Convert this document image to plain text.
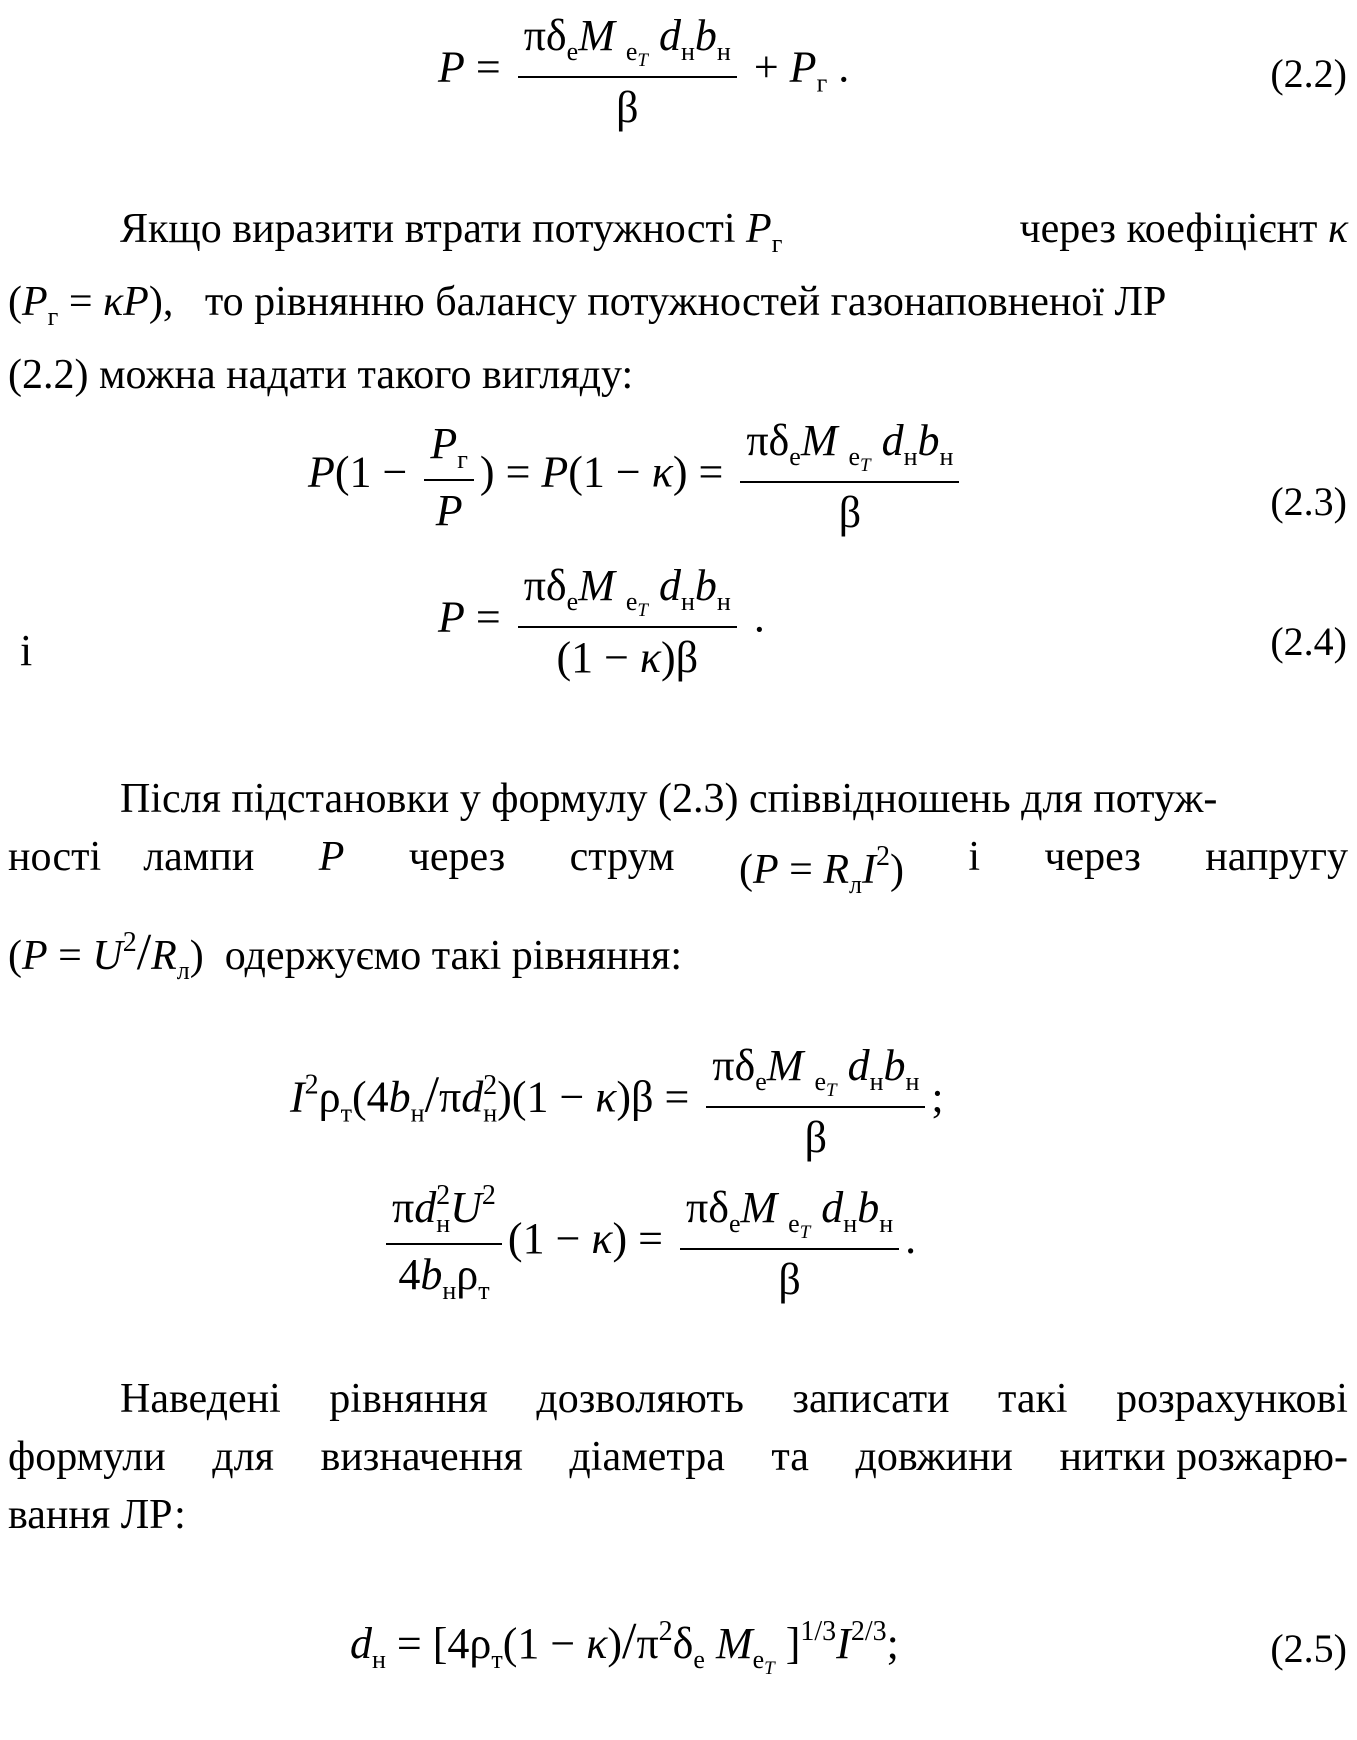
$P = \frac{\pi\delta_eM _{e_T} d_нb_н}{\beta} + P_г$ .	(2.2)
Якщо виразити втрати потужності $P_г$	через коефіцієнт κ
$(P_г = \kappa P)$,   то рівнянню балансу потужностей газонаповненої ЛР
(2.2) можна надати такого вигляду:
$P(1 - \frac{P_г}{P}$ ) = $P(1 - \kappa) = \frac{\pi\delta_eM _{e_T} d_нb_н}{\beta}$	(2.3)
і
$P = \frac{\pi\delta_eM _{e_T} d_нb_н}{(1 - \kappa)\beta}$ .	(2.4)
Після підстановки у формулу (2.3) співвідношень для потуж-
ності    лампи P через струм $(P = R_лI^2)$ і через напругу
$(P = U^2/R_л)$  одержуємо такі рівняння:
$I^2\rho_т(4b_н/\pi d_н^2)(1 - \kappa)\beta = \frac{\pi\delta_eM _{e_T} d_нb_н}{\beta}$ ;
$\frac{\pi d_н^2U^2}{4b_н\rho_т} (1 - \kappa) = \frac{\pi\delta_eM _{e_T} d_нb_н}{\beta}$ .
Наведені рівняння дозволяють записати такі розрахункові
формули для визначення діаметра та довжини нитки розжарю-
вання ЛР:
$d_н = [4\rho_т(1 - \kappa)/\pi^2\delta_e$ $M_{e_T}$ ]$^{1/3}I^{2/3}$;	(2.5)
